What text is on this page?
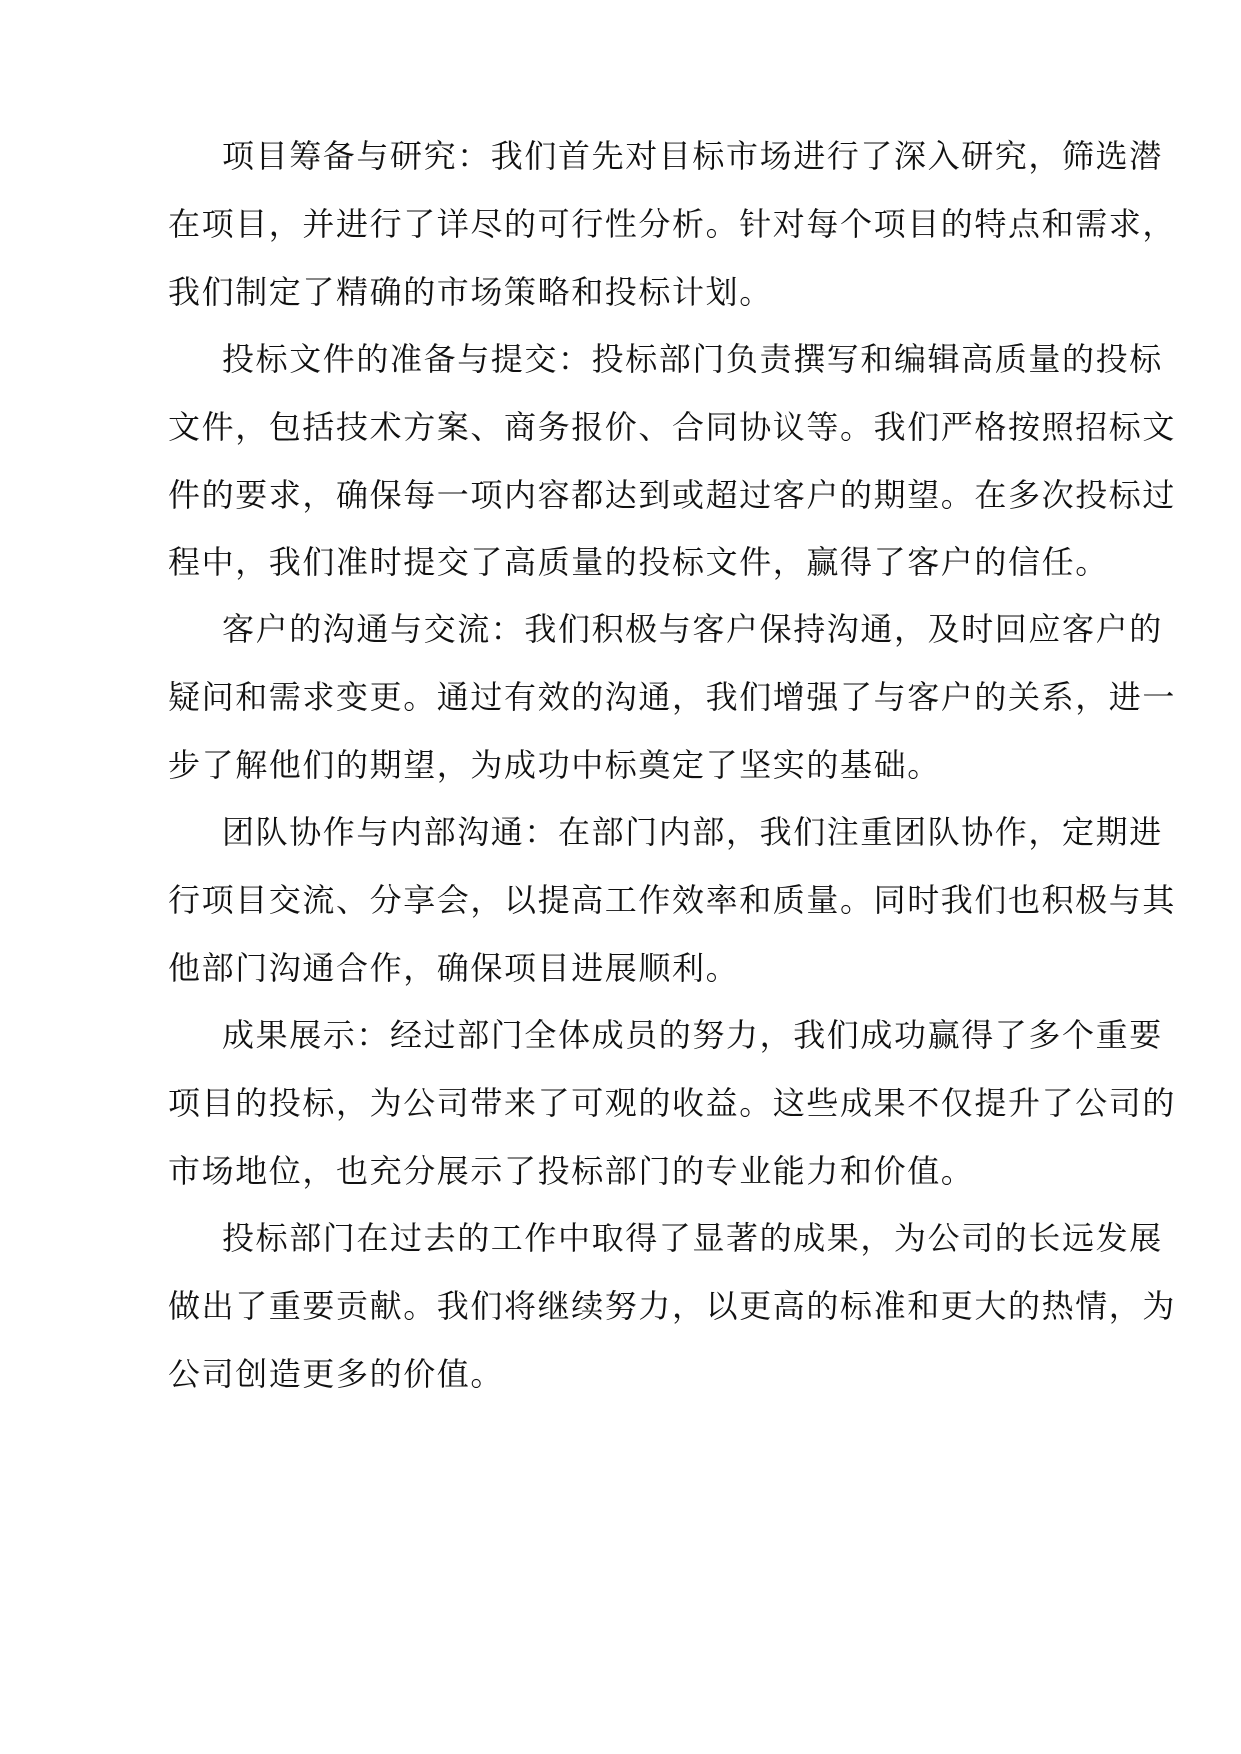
项目筹备与研究：我们首先对目标市场进行了深入研究，筛选潜

在项目，并进行了详尽的可行性分析。针对每个项目的特点和需求，

我们制定了精确的市场策略和投标计划。

投标文件的准备与提交：投标部门负责撰写和编辑高质量的投标

文件，包括技术方案、商务报价、合同协议等。我们严格按照招标文

件的要求，确保每一项内容都达到或超过客户的期望。在多次投标过

程中，我们准时提交了高质量的投标文件，赢得了客户的信任。

客户的沟通与交流：我们积极与客户保持沟通，及时回应客户的

疑问和需求变更。通过有效的沟通，我们增强了与客户的关系，进一

步了解他们的期望，为成功中标奠定了坚实的基础。

团队协作与内部沟通：在部门内部，我们注重团队协作，定期进

行项目交流、分享会，以提高工作效率和质量。同时我们也积极与其

他部门沟通合作，确保项目进展顺利。

成果展示：经过部门全体成员的努力，我们成功赢得了多个重要

项目的投标，为公司带来了可观的收益。这些成果不仅提升了公司的

市场地位，也充分展示了投标部门的专业能力和价值。

投标部门在过去的工作中取得了显著的成果，为公司的长远发展

做出了重要贡献。我们将继续努力，以更高的标准和更大的热情，为

公司创造更多的价值。
